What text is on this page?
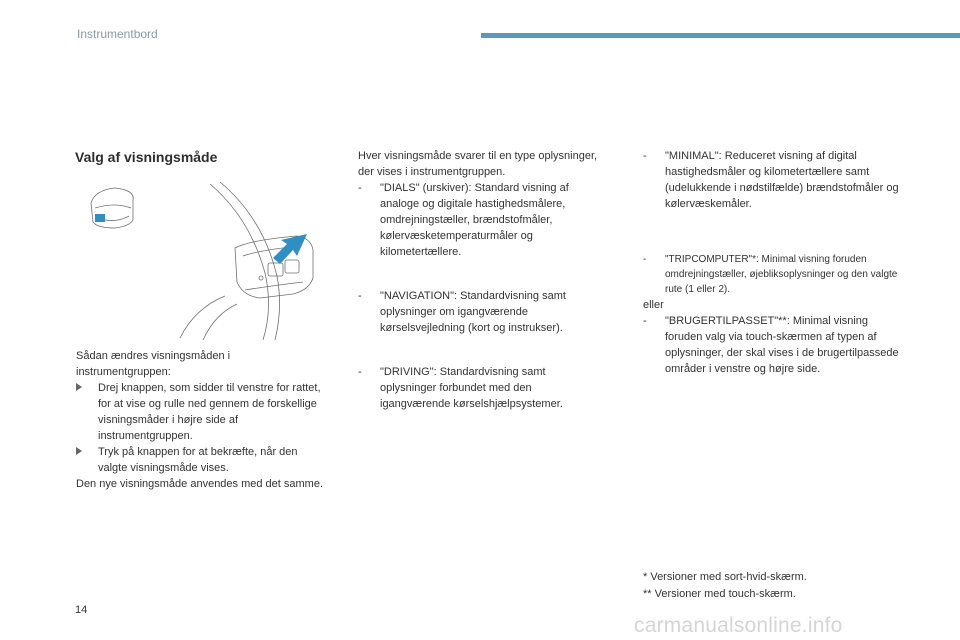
Instrumentbord
Valg af visningsmåde

Sådan ændres visningsmåden i instrumentgruppen:

Drej knappen, som sidder til venstre for rattet, for at vise og rulle ned gennem de forskellige visningsmåder i højre side af instrumentgruppen.

Tryk på knappen for at bekræfte, når den valgte visningsmåde vises.

Den nye visningsmåde anvendes med det samme.

Hver visningsmåde svarer til en type oplysninger, der vises i instrumentgruppen.

- "DIALS" (urskiver): Standard visning af analoge og digitale hastighedsmålere, omdrejningstæller, brændstofmåler, kølervæsketemperaturmåler og kilometertællere.

- "NAVIGATION": Standardvisning samt oplysninger om igangværende kørselsvejledning (kort og instrukser).

- "DRIVING": Standardvisning samt oplysninger forbundet med den igangværende kørselshjælpsystemer.

- "MINIMAL": Reduceret visning af digital hastighedsmåler og kilometertællere samt (udelukkende i nødstilfælde) brændstofmåler og kølervæskemåler.

- "TRIPCOMPUTER"*: Minimal visning foruden omdrejningstæller, øjebliksoplysninger og den valgte rute (1 eller 2).

eller

- "BRUGERTILPASSET"**: Minimal visning foruden valg via touch-skærmen af typen af oplysninger, der skal vises i de brugertilpassede områder i venstre og højre side.

* Versioner med sort-hvid-skærm.
** Versioner med touch-skærm.
14
carmanualsonline.info
